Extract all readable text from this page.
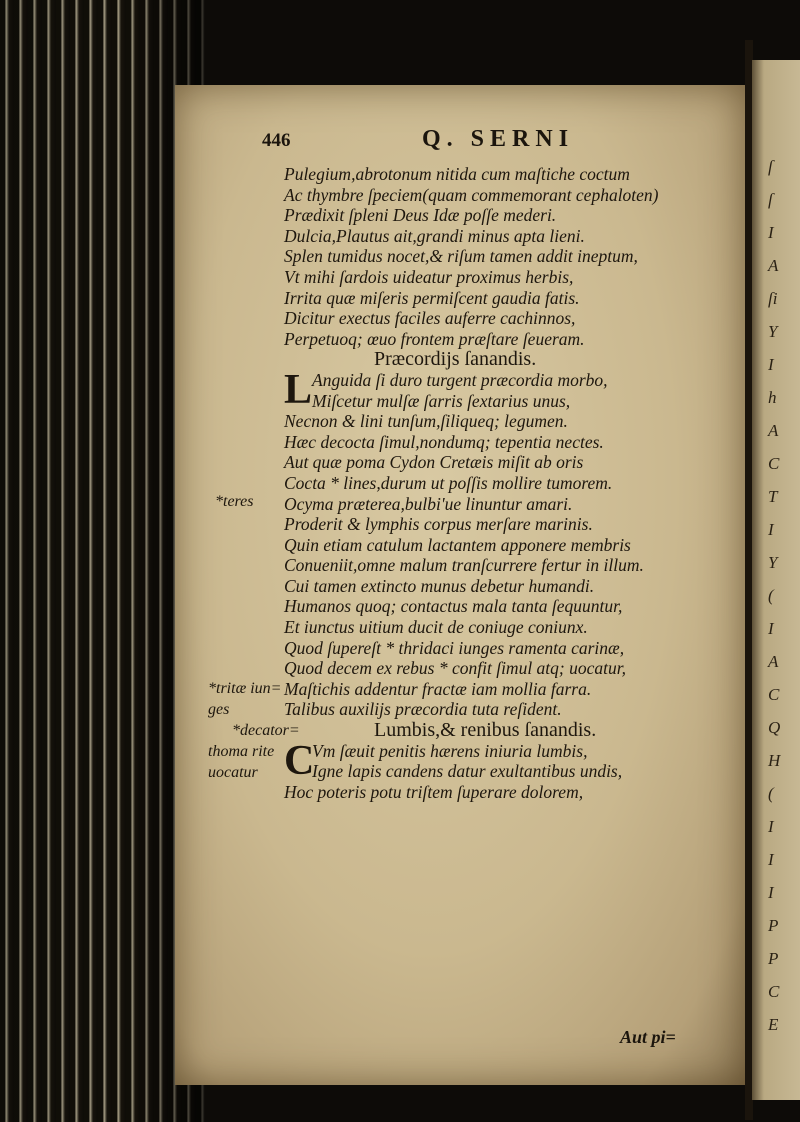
446	Q. SERNI
Pulegium,abrotonum nitida cum maſtiche coctum
Ac thymbre ſpeciem(quam commemorant cephaloten)
Prædixit ſpleni Deus Idæ poſſe mederi.
Dulcia,Plautus ait,grandi minus apta lieni.
Splen tumidus nocet,& riſum tamen addit ineptum,
Vt mihi ſardois uideatur proximus herbis,
Irrita quæ miſeris permiſcent gaudia fatis.
Dicitur exectus faciles auferre cachinnos,
Perpetuoq; œuo frontem præſtare ſeueram.
Præcordijs ſanandis.
L Anguida ſi duro turgent præcordia morbo,
Miſcetur mulſæ ſarris ſextarius unus,
Necnon & lini tunſum,ſiliqueq; legumen.
Hæc decocta ſimul,nondumq; tepentia nectes.
Aut quæ poma Cydon Cretæis miſit ab oris
Cocta * lines,durum ut poſſis mollire tumorem.
Ocyma præterea,bulbi'ue linuntur amari.
Proderit & lymphis corpus merſare marinis.
Quin etiam catulum lactantem apponere membris
Conueniit,omne malum tranſcurrere fertur in illum.
Cui tamen extincto munus debetur humandi.
Humanos quoq; contactus mala tanta ſequuntur,
Et iunctus uitium ducit de coniuge coniunx.
Quod ſupereſt * thridaci iunges ramenta carinæ,
Quod decem ex rebus * confit ſimul atq; uocatur,
Maſtichis addentur fractæ iam mollia farra.
Talibus auxilijs præcordia tuta reſident.
Lumbis,& renibus ſanandis.
C
Vm ſæuit penitis hærens iniuria lumbis,
Igne lapis candens datur exultantibus undis,
Hoc poteris potu triſtem ſuperare dolorem,
*teres
*tritæ iun=
ges
*decator=
thoma rite
uocatur
Aut pi=
ſ
ſ
I
A
ſi
Y
I
h
A
C
T
I
Y
(
I
A
C
Q
H
(
I
I
I
P
P
C
E
